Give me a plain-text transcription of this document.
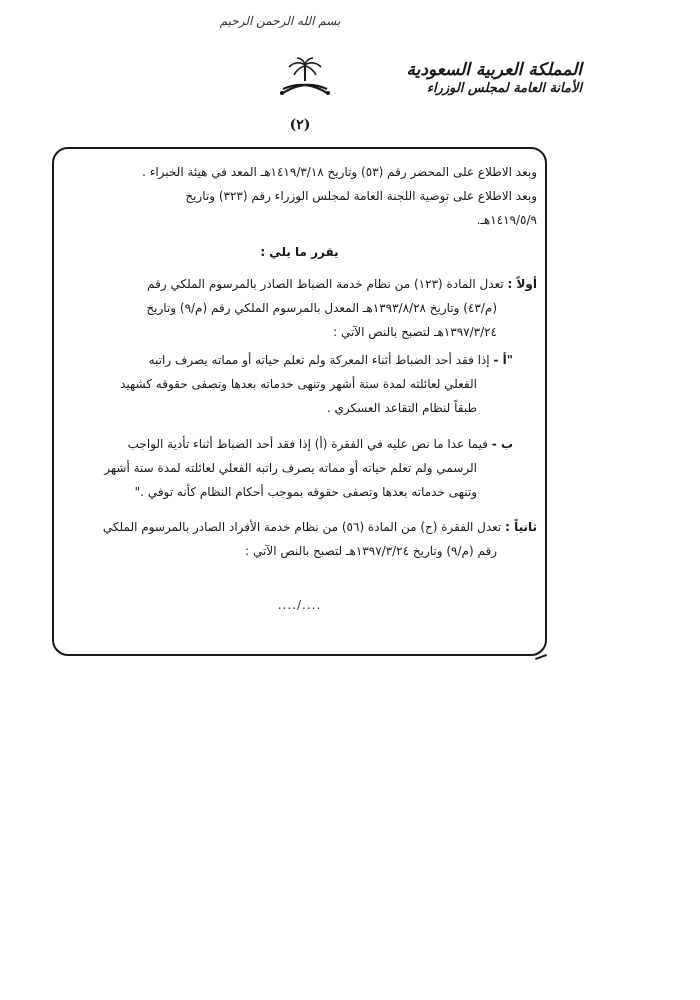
بسم الله الرحمن الرحيم
المملكة العربية السعودية
الأمانة العامة لمجلس الوزراء
(٢)
وبعد الاطلاع على المحضر رقم (٥٣) وتاريخ ١٤١٩/٣/١٨هـ المعد في هيئة الخبراء .
وبعد الاطلاع على توصية اللجنة العامة لمجلس الوزراء رقم (٣٢٣) وتاريخ
١٤١٩/٥/٩هـ.
يقرر ما يلي :
أولاً : تعدل المادة (١٢٣) من نظام خدمة الضباط الصادر بالمرسوم الملكي رقم
(م/٤٣) وتاريخ ١٣٩٣/٨/٢٨هـ المعدل بالمرسوم الملكي رقم (م/٩) وتاريخ
١٣٩٧/٣/٢٤هـ لتصبح بالنص الآتي :
"أ - إذا فقد أحد الضباط أثناء المعركة ولم تعلم حياته أو مماته يصرف راتبه
الفعلي لعائلته لمدة ستة أشهر وتنهى خدماته بعدها وتصفى حقوقه كشهيد
طبقاً لنظام التقاعد العسكري .
ب - فيما عدا ما نص عليه في الفقرة (أ) إذا فقد أحد الضباط أثناء تأدية الواجب
الرسمي ولم تعلم حياته أو مماته يصرف راتبه الفعلي لعائلته لمدة ستة أشهر
وتنهى خدماته بعدها وتصفى حقوقه بموجب أحكام النظام كأنه توفي ."
ثانياً : تعدل الفقرة (ح) من المادة (٥٦) من نظام خدمة الأفراد الصادر بالمرسوم الملكي
رقم (م/٩) وتاريخ ١٣٩٧/٣/٢٤هـ لتصبح بالنص الآتي :
..../....
